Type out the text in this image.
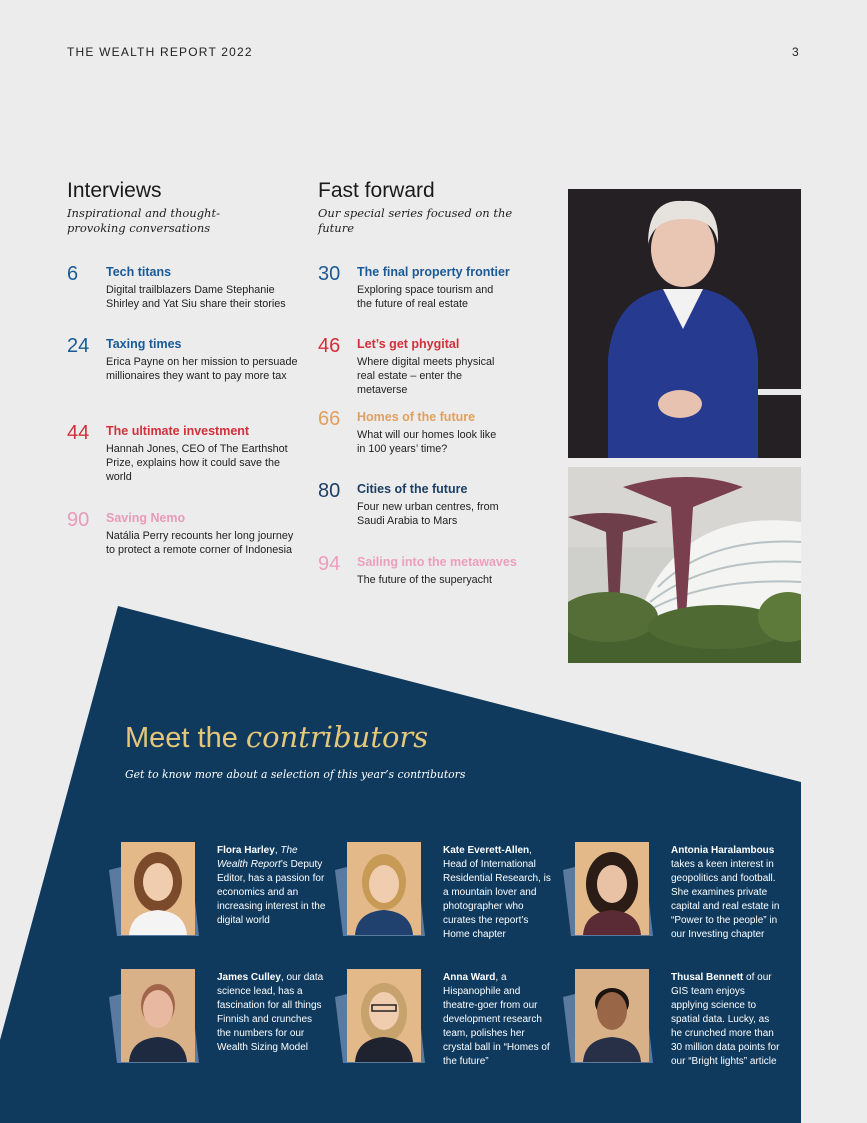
THE WEALTH REPORT 2022	3
Interviews
Inspirational and thought-provoking conversations
6 Tech titans
Digital trailblazers Dame Stephanie Shirley and Yat Siu share their stories
24 Taxing times
Erica Payne on her mission to persuade millionaires they want to pay more tax
44 The ultimate investment
Hannah Jones, CEO of The Earthshot Prize, explains how it could save the world
90 Saving Nemo
Natália Perry recounts her long journey to protect a remote corner of Indonesia
Fast forward
Our special series focused on the future
30 The final property frontier
Exploring space tourism and the future of real estate
46 Let’s get phygital
Where digital meets physical real estate – enter the metaverse
66 Homes of the future
What will our homes look like in 100 years’ time?
80 Cities of the future
Four new urban centres, from Saudi Arabia to Mars
94 Sailing into the metawaves
The future of the superyacht
Meet the contributors
Get to know more about a selection of this year’s contributors
Flora Harley, The Wealth Report’s Deputy Editor, has a passion for economics and an increasing interest in the digital world
Kate Everett-Allen, Head of International Residential Research, is a mountain lover and photographer who curates the report’s Home chapter
Antonia Haralambous takes a keen interest in geopolitics and football. She examines private capital and real estate in “Power to the people” in our Investing chapter
James Culley, our data science lead, has a fascination for all things Finnish and crunches the numbers for our Wealth Sizing Model
Anna Ward, a Hispanophile and theatre-goer from our development research team, polishes her crystal ball in “Homes of the future”
Thusal Bennett of our GIS team enjoys applying science to spatial data. Lucky, as he crunched more than 30 million data points for our “Bright lights” article
